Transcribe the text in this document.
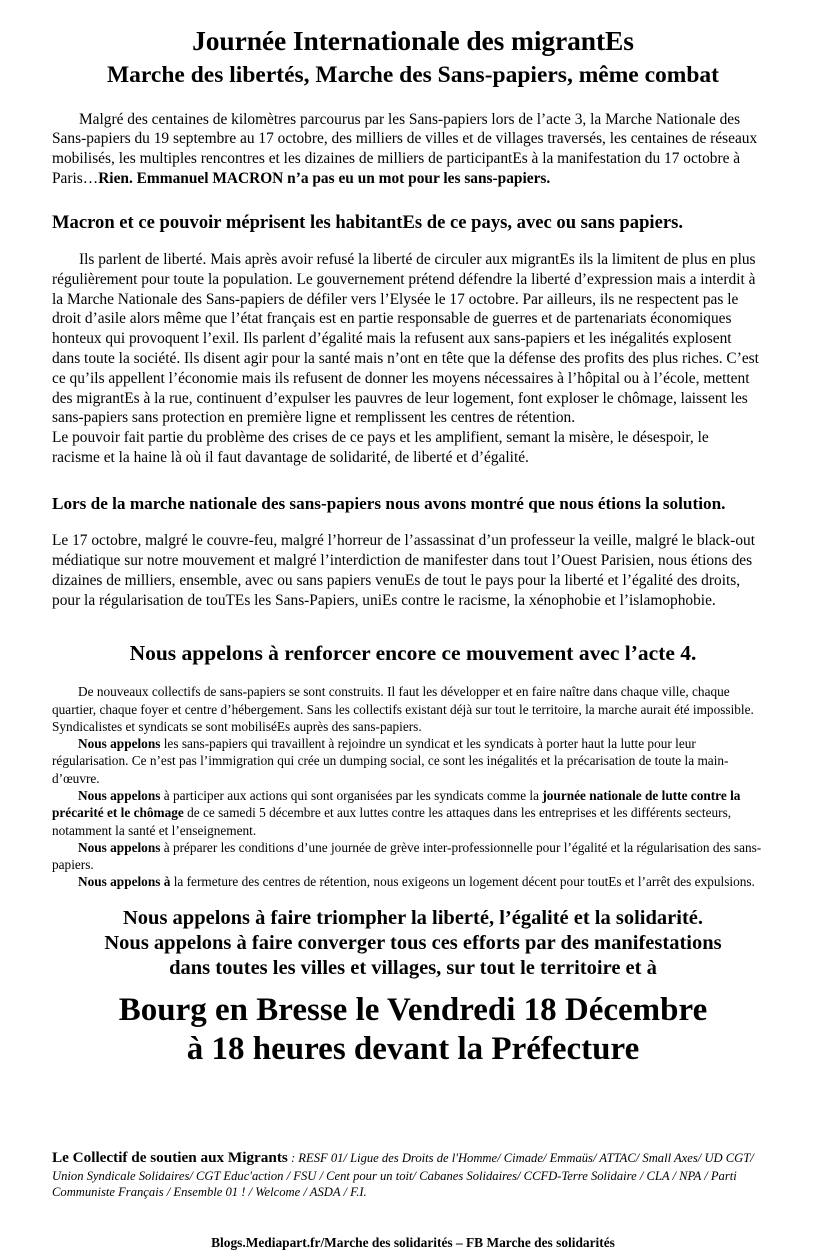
Journée Internationale des migrantEs
Marche des libertés, Marche des Sans-papiers, même combat

Malgré des centaines de kilomètres parcourus par les Sans-papiers lors de l’acte 3, la Marche Nationale des Sans-papiers du 19 septembre au 17 octobre, des milliers de villes et de villages traversés, les centaines de réseaux mobilisés, les multiples rencontres et les dizaines de milliers de participantEs à la manifestation du 17 octobre à Paris…Rien. Emmanuel MACRON n’a pas eu un mot pour les sans-papiers.

Macron et ce pouvoir méprisent les habitantEs de ce pays, avec ou sans papiers.

Ils parlent de liberté. Mais après avoir refusé la liberté de circuler aux migrantEs ils la limitent de plus en plus régulièrement pour toute la population. Le gouvernement prétend défendre la liberté d’expression mais a interdit à la Marche Nationale des Sans-papiers de défiler vers l’Elysée le 17 octobre. Par ailleurs, ils ne respectent pas le droit d’asile alors même que l’état français est en partie responsable de guerres et de partenariats économiques honteux qui provoquent l’exil. Ils parlent d’égalité mais la refusent aux sans-papiers et les inégalités explosent dans toute la société. Ils disent agir pour la santé mais n’ont en tête que la défense des profits des plus riches. C’est ce qu’ils appellent l’économie mais ils refusent de donner les moyens nécessaires à l’hôpital ou à l’école, mettent des migrantEs à la rue, continuent d’expulser les pauvres de leur logement, font exploser le chômage, laissent les sans-papiers sans protection en première ligne et remplissent les centres de rétention.

Le pouvoir fait partie du problème des crises de ce pays et les amplifient, semant la misère, le désespoir, le racisme et la haine là où il faut davantage de solidarité, de liberté et d’égalité.

Lors de la marche nationale des sans-papiers nous avons montré que nous étions la solution.

Le 17 octobre, malgré le couvre-feu, malgré l’horreur de l’assassinat d’un professeur la veille, malgré le black-out médiatique sur notre mouvement et malgré l’interdiction de manifester dans tout l’Ouest Parisien, nous étions des dizaines de milliers, ensemble, avec ou sans papiers venuEs de tout le pays pour la liberté et l’égalité des droits, pour la régularisation de touTEs les Sans-Papiers, uniEs contre le racisme, la xénophobie et l’islamophobie.

Nous appelons à renforcer encore ce mouvement avec l’acte 4.

De nouveaux collectifs de sans-papiers se sont construits. Il faut les développer et en faire naître dans chaque ville, chaque quartier, chaque foyer et centre d’hébergement. Sans les collectifs existant déjà sur tout le territoire, la marche aurait été impossible. Syndicalistes et syndicats se sont mobiliséEs auprès des sans-papiers.

Nous appelons les sans-papiers qui travaillent à rejoindre un syndicat et les syndicats à porter haut la lutte pour leur régularisation. Ce n’est pas l’immigration qui crée un dumping social, ce sont les inégalités et la précarisation de toute la main-d’œuvre.

Nous appelons à participer aux actions qui sont organisées par les syndicats comme la journée nationale de lutte contre la précarité et le chômage de ce samedi 5 décembre et aux luttes contre les attaques dans les entreprises et les différents secteurs, notamment la santé et l’enseignement.

Nous appelons à préparer les conditions d’une journée de grève inter-professionnelle pour l’égalité et la régularisation des sans-papiers.

Nous appelons à la fermeture des centres de rétention, nous exigeons un logement décent pour toutEs et l’arrêt des expulsions.

Nous appelons à faire triompher la liberté, l’égalité et la solidarité.
Nous appelons à faire converger tous ces efforts par des manifestations
dans toutes les villes et villages, sur tout le territoire et à
Bourg en Bresse le Vendredi 18 Décembre
à 18 heures devant la Préfecture

Le Collectif de soutien aux Migrants : RESF 01/ Ligue des Droits de l'Homme/ Cimade/ Emmaüs/ ATTAC/ Small Axes/ UD CGT/ Union Syndicale Solidaires/ CGT Educ'action / FSU / Cent pour un toit/ Cabanes Solidaires/ CCFD-Terre Solidaire / CLA / NPA / Parti Communiste Français / Ensemble 01 ! / Welcome / ASDA / F.I.

Blogs.Mediapart.fr/Marche des solidarités – FB Marche des solidarités
